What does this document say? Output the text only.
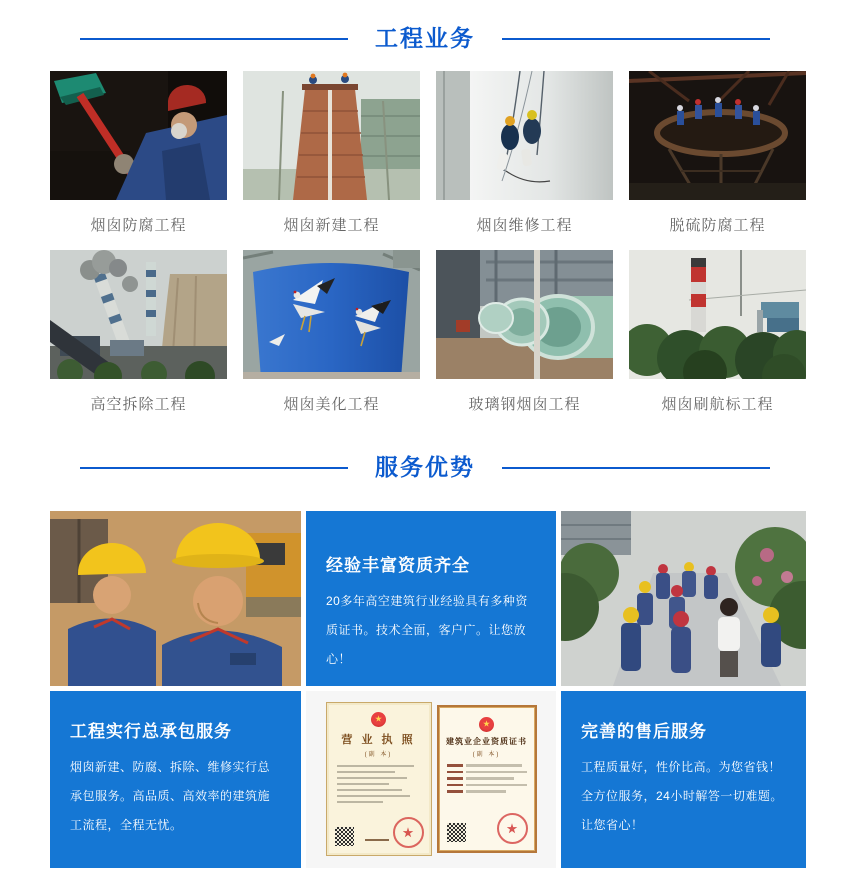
工程业务
烟囱防腐工程	烟囱新建工程	烟囱维修工程	脱硫防腐工程
高空拆除工程	烟囱美化工程	玻璃钢烟囱工程	烟囱刷航标工程
服务优势
经验丰富资质齐全

20多年高空建筑行业经验具有多种资质证书。技术全面，客户广。让您放心！

工程实行总承包服务

烟囱新建、防腐、拆除、维修实行总承包服务。高品质、高效率的建筑施工流程，全程无忧。

营 业 执 照
(副 本)
建筑业企业资质证书
(副 本)
完善的售后服务

工程质量好，性价比高。为您省钱！全方位服务，24小时解答一切难题。让您省心！
